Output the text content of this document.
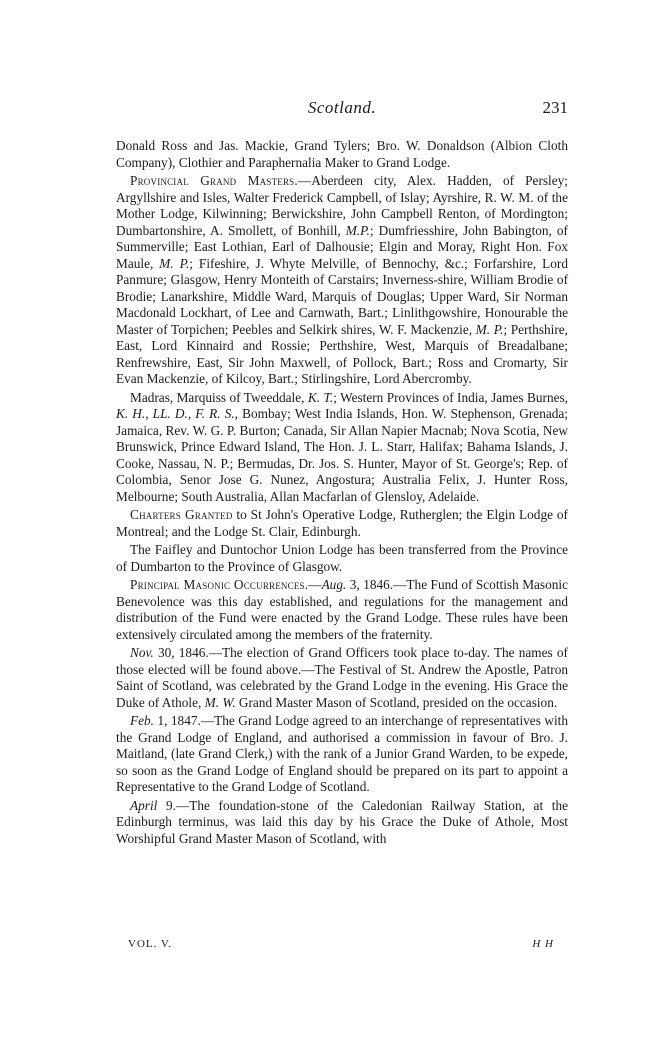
Scotland.	231

Donald Ross and Jas. Mackie, Grand Tylers; Bro. W. Donaldson (Albion Cloth Company), Clothier and Paraphernalia Maker to Grand Lodge.

Provincial Grand Masters.—Aberdeen city, Alex. Hadden, of Persley; Argyllshire and Isles, Walter Frederick Campbell, of Islay; Ayrshire, R. W. M. of the Mother Lodge, Kilwinning; Berwickshire, John Campbell Renton, of Mordington; Dumbartonshire, A. Smollett, of Bonhill, M.P.; Dumfriesshire, John Babington, of Summerville; East Lothian, Earl of Dalhousie; Elgin and Moray, Right Hon. Fox Maule, M. P.; Fifeshire, J. Whyte Melville, of Bennochy, &c.; Forfarshire, Lord Panmure; Glasgow, Henry Monteith of Carstairs; Inverness-shire, William Brodie of Brodie; Lanarkshire, Middle Ward, Marquis of Douglas; Upper Ward, Sir Norman Macdonald Lockhart, of Lee and Carnwath, Bart.; Linlithgowshire, Honourable the Master of Torpichen; Peebles and Selkirk shires, W. F. Mackenzie, M. P.; Perthshire, East, Lord Kinnaird and Rossie; Perthshire, West, Marquis of Breadalbane; Renfrewshire, East, Sir John Maxwell, of Pollock, Bart.; Ross and Cromarty, Sir Evan Mackenzie, of Kilcoy, Bart.; Stirlingshire, Lord Abercromby.

Madras, Marquiss of Tweeddale, K. T.; Western Provinces of India, James Burnes, K. H., LL. D., F. R. S., Bombay; West India Islands, Hon. W. Stephenson, Grenada; Jamaica, Rev. W. G. P. Burton; Canada, Sir Allan Napier Macnab; Nova Scotia, New Brunswick, Prince Edward Island, The Hon. J. L. Starr, Halifax; Bahama Islands, J. Cooke, Nassau, N. P.; Bermudas, Dr. Jos. S. Hunter, Mayor of St. George's; Rep. of Colombia, Senor Jose G. Nunez, Angostura; Australia Felix, J. Hunter Ross, Melbourne; South Australia, Allan Macfarlan of Glensloy, Adelaide.

Charters Granted to St John's Operative Lodge, Rutherglen; the Elgin Lodge of Montreal; and the Lodge St. Clair, Edinburgh.

The Faifley and Duntochor Union Lodge has been transferred from the Province of Dumbarton to the Province of Glasgow.

Principal Masonic Occurrences.—Aug. 3, 1846.—The Fund of Scottish Masonic Benevolence was this day established, and regulations for the management and distribution of the Fund were enacted by the Grand Lodge. These rules have been extensively circulated among the members of the fraternity.

Nov. 30, 1846.—The election of Grand Officers took place to-day. The names of those elected will be found above.—The Festival of St. Andrew the Apostle, Patron Saint of Scotland, was celebrated by the Grand Lodge in the evening. His Grace the Duke of Athole, M. W. Grand Master Mason of Scotland, presided on the occasion.

Feb. 1, 1847.—The Grand Lodge agreed to an interchange of representatives with the Grand Lodge of England, and authorised a commission in favour of Bro. J. Maitland, (late Grand Clerk,) with the rank of a Junior Grand Warden, to be expede, so soon as the Grand Lodge of England should be prepared on its part to appoint a Representative to the Grand Lodge of Scotland.

April 9.—The foundation-stone of the Caledonian Railway Station, at the Edinburgh terminus, was laid this day by his Grace the Duke of Athole, Most Worshipful Grand Master Mason of Scotland, with

VOL. V.	H H
